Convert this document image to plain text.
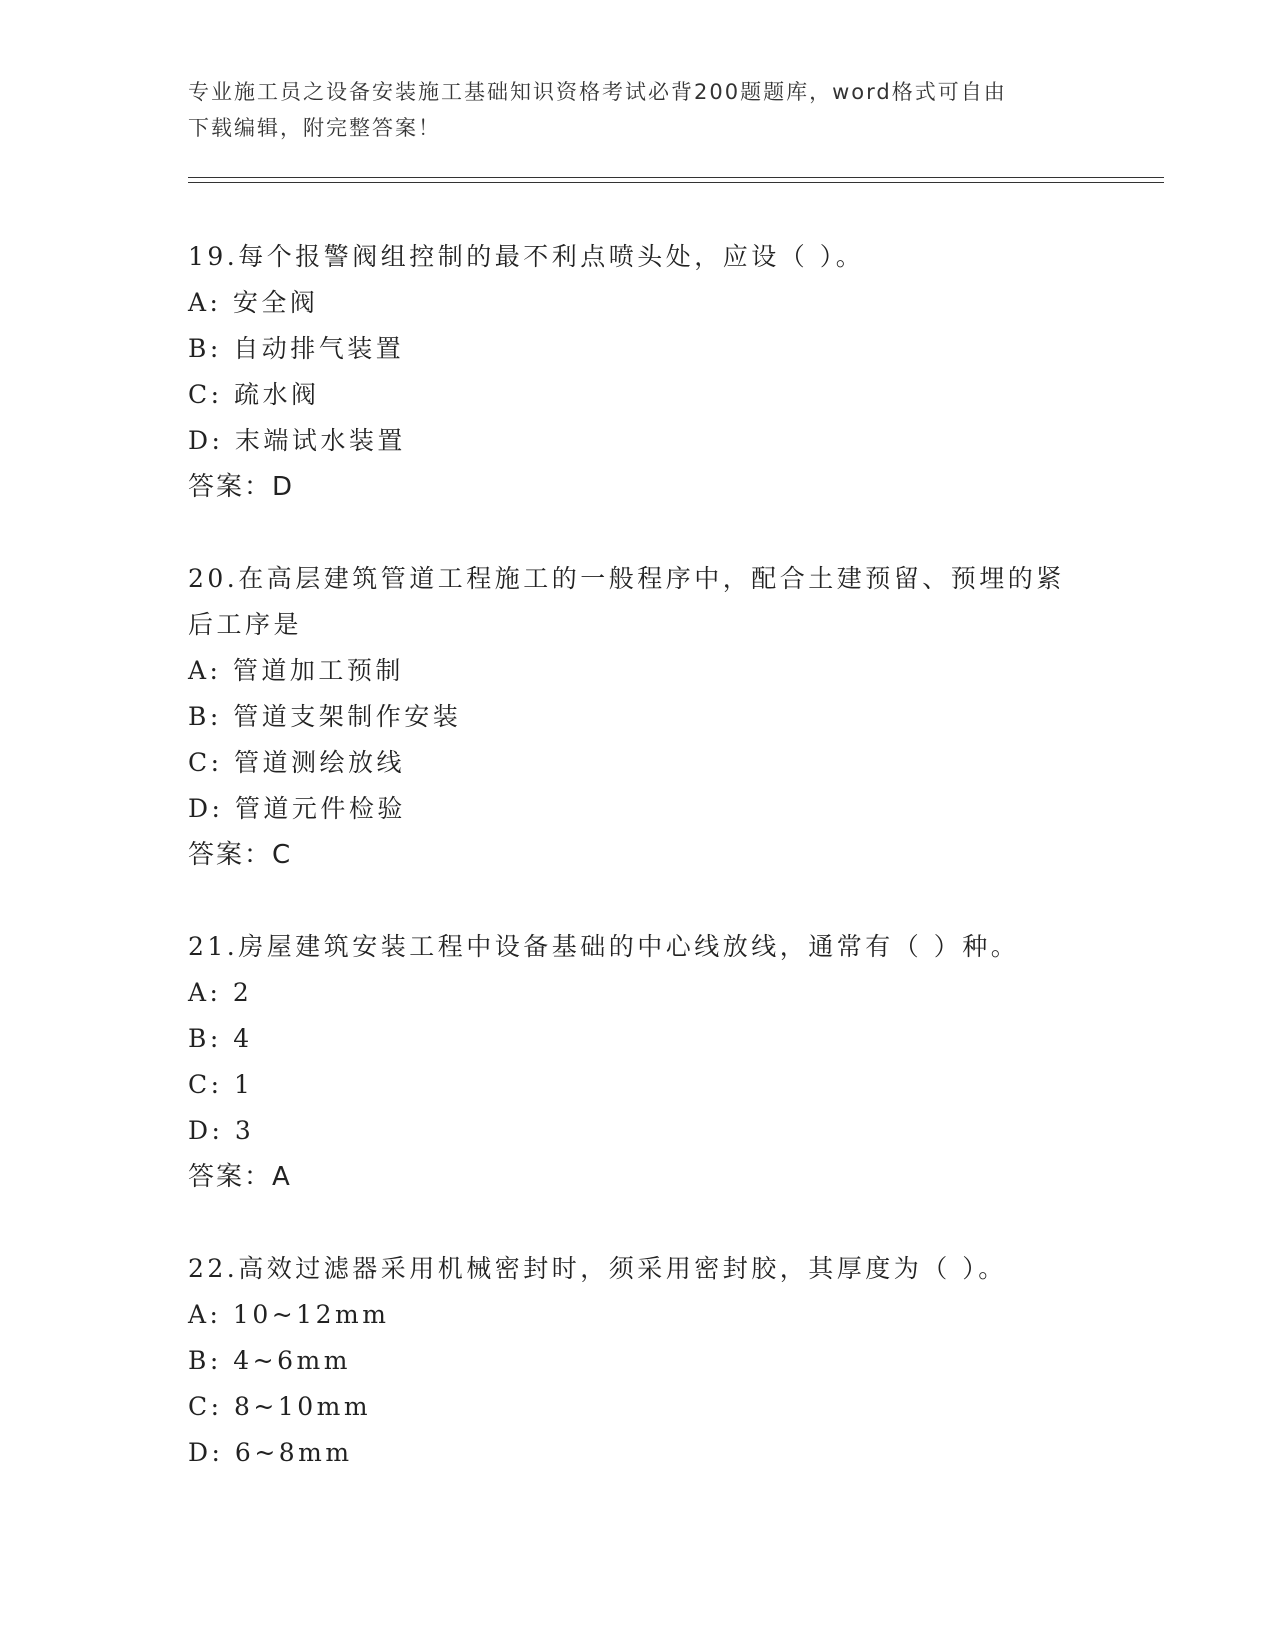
专业施工员之设备安装施工基础知识资格考试必背200题题库，word格式可自由
下载编辑，附完整答案！

19.每个报警阀组控制的最不利点喷头处，应设（ ）。

A: 安全阀

B: 自动排气装置

C: 疏水阀

D: 末端试水装置

答案：D

20.在高层建筑管道工程施工的一般程序中，配合土建预留、预埋的紧后工序是

A: 管道加工预制

B: 管道支架制作安装

C: 管道测绘放线

D: 管道元件检验

答案：C

21.房屋建筑安装工程中设备基础的中心线放线，通常有（ ）种。

A: 2

B: 4

C: 1

D: 3

答案：A

22.高效过滤器采用机械密封时，须采用密封胶，其厚度为（ ）。

A: 10~12mm

B: 4~6mm

C: 8~10mm

D: 6~8mm
